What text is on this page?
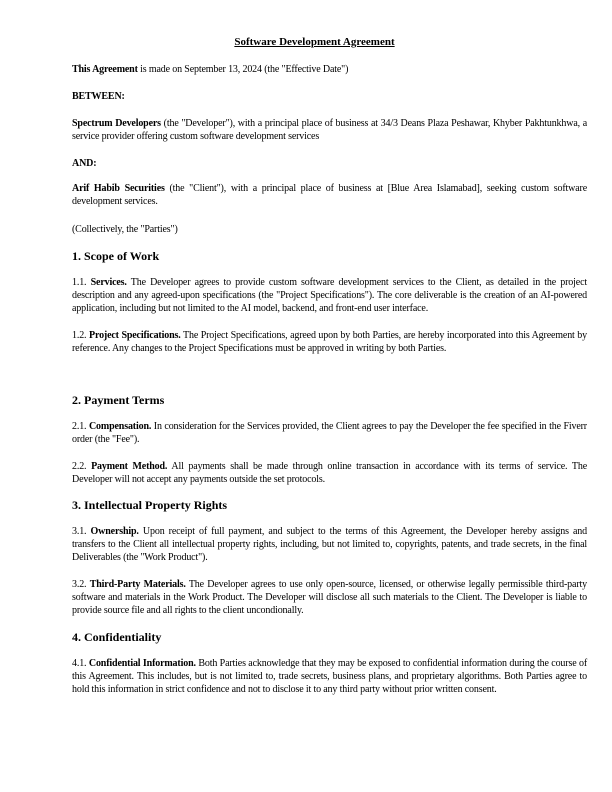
Software Development Agreement
This Agreement is made on September 13, 2024 (the "Effective Date")
BETWEEN:
Spectrum Developers (the "Developer"), with a principal place of business at 34/3 Deans Plaza Peshawar, Khyber Pakhtunkhwa, a service provider offering custom software development services
AND:
Arif Habib Securities (the "Client"), with a principal place of business at [Blue Area Islamabad], seeking custom software development services.
(Collectively, the "Parties")
1. Scope of Work
1.1. Services. The Developer agrees to provide custom software development services to the Client, as detailed in the project description and any agreed-upon specifications (the "Project Specifications"). The core deliverable is the creation of an AI-powered application, including but not limited to the AI model, backend, and front-end user interface.
1.2. Project Specifications. The Project Specifications, agreed upon by both Parties, are hereby incorporated into this Agreement by reference. Any changes to the Project Specifications must be approved in writing by both Parties.
2. Payment Terms
2.1. Compensation. In consideration for the Services provided, the Client agrees to pay the Developer the fee specified in the Fiverr order (the "Fee").
2.2. Payment Method. All payments shall be made through online transaction in accordance with its terms of service. The Developer will not accept any payments outside the set protocols.
3. Intellectual Property Rights
3.1. Ownership. Upon receipt of full payment, and subject to the terms of this Agreement, the Developer hereby assigns and transfers to the Client all intellectual property rights, including, but not limited to, copyrights, patents, and trade secrets, in the final Deliverables (the "Work Product").
3.2. Third-Party Materials. The Developer agrees to use only open-source, licensed, or otherwise legally permissible third-party software and materials in the Work Product. The Developer will disclose all such materials to the Client. The Developer is liable to provide source file and all rights to the client uncondionally.
4. Confidentiality
4.1. Confidential Information. Both Parties acknowledge that they may be exposed to confidential information during the course of this Agreement. This includes, but is not limited to, trade secrets, business plans, and proprietary algorithms. Both Parties agree to hold this information in strict confidence and not to disclose it to any third party without prior written consent.
